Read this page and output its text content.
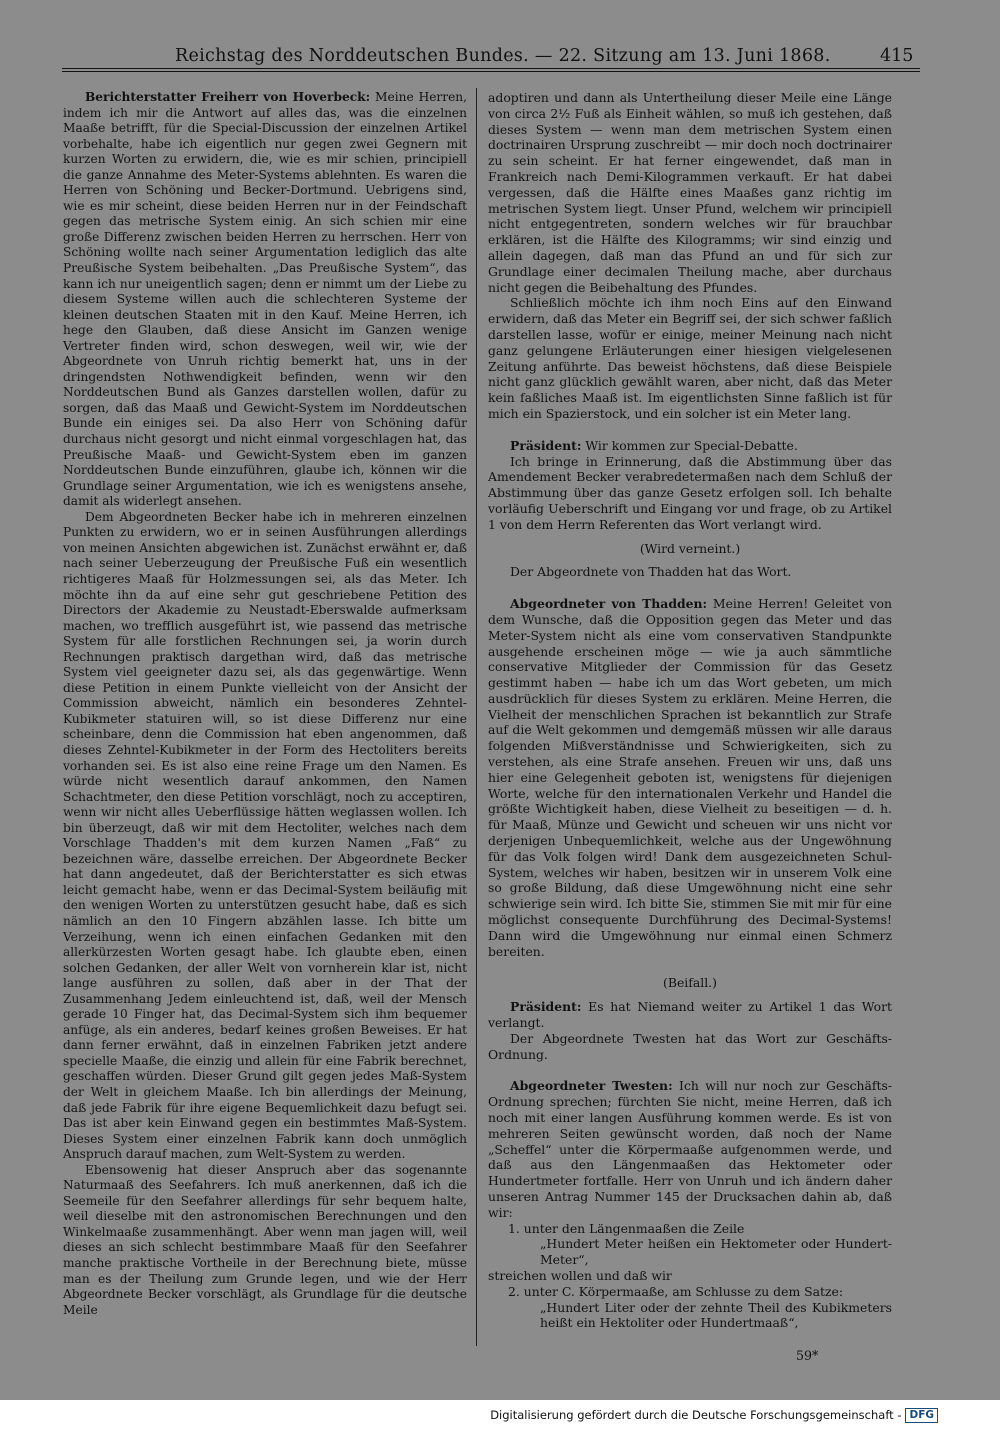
Reichstag des Norddeutschen Bundes. — 22. Sitzung am 13. Juni 1868.	415

Berichterstatter Freiherr von Hoverbeck: Meine Herren, indem ich mir die Antwort auf alles das, was die einzelnen Maaße betrifft, für die Special-Discussion der einzelnen Artikel vorbehalte, habe ich eigentlich nur gegen zwei Gegnern mit kurzen Worten zu erwidern, die, wie es mir schien, principiell die ganze Annahme des Meter-Systems ablehnten. Es waren die Herren von Schöning und Becker-Dortmund. Uebrigens sind, wie es mir scheint, diese beiden Herren nur in der Feindschaft gegen das metrische System einig. An sich schien mir eine große Differenz zwischen beiden Herren zu herrschen. Herr von Schöning wollte nach seiner Argumentation lediglich das alte Preußische System beibehalten. „Das Preußische System“, das kann ich nur uneigentlich sagen; denn er nimmt um der Liebe zu diesem Systeme willen auch die schlechteren Systeme der kleinen deutschen Staaten mit in den Kauf. Meine Herren, ich hege den Glauben, daß diese Ansicht im Ganzen wenige Vertreter finden wird, schon deswegen, weil wir, wie der Abgeordnete von Unruh richtig bemerkt hat, uns in der dringendsten Nothwendigkeit befinden, wenn wir den Norddeutschen Bund als Ganzes darstellen wollen, dafür zu sorgen, daß das Maaß und Gewicht-System im Norddeutschen Bunde ein einiges sei. Da also Herr von Schöning dafür durchaus nicht gesorgt und nicht einmal vorgeschlagen hat, das Preußische Maaß- und Gewicht-System eben im ganzen Norddeutschen Bunde einzuführen, glaube ich, können wir die Grundlage seiner Argumentation, wie ich es wenigstens ansehe, damit als widerlegt ansehen.

Dem Abgeordneten Becker habe ich in mehreren einzelnen Punkten zu erwidern, wo er in seinen Ausführungen allerdings von meinen Ansichten abgewichen ist. Zunächst erwähnt er, daß nach seiner Ueberzeugung der Preußische Fuß ein wesentlich richtigeres Maaß für Holzmessungen sei, als das Meter. Ich möchte ihn da auf eine sehr gut geschriebene Petition des Directors der Akademie zu Neustadt-Eberswalde aufmerksam machen, wo trefflich ausgeführt ist, wie passend das metrische System für alle forstlichen Rechnungen sei, ja worin durch Rechnungen praktisch dargethan wird, daß das metrische System viel geeigneter dazu sei, als das gegenwärtige. Wenn diese Petition in einem Punkte vielleicht von der Ansicht der Commission abweicht, nämlich ein besonderes Zehntel-Kubikmeter statuiren will, so ist diese Differenz nur eine scheinbare, denn die Commission hat eben angenommen, daß dieses Zehntel-Kubikmeter in der Form des Hectoliters bereits vorhanden sei. Es ist also eine reine Frage um den Namen. Es würde nicht wesentlich darauf ankommen, den Namen Schachtmeter, den diese Petition vorschlägt, noch zu acceptiren, wenn wir nicht alles Ueberflüssige hätten weglassen wollen. Ich bin überzeugt, daß wir mit dem Hectoliter, welches nach dem Vorschlage Thadden's mit dem kurzen Namen „Faß“ zu bezeichnen wäre, dasselbe erreichen. Der Abgeordnete Becker hat dann angedeutet, daß der Berichterstatter es sich etwas leicht gemacht habe, wenn er das Decimal-System beiläufig mit den wenigen Worten zu unterstützen gesucht habe, daß es sich nämlich an den 10 Fingern abzählen lasse. Ich bitte um Verzeihung, wenn ich einen einfachen Gedanken mit den allerkürzesten Worten gesagt habe. Ich glaubte eben, einen solchen Gedanken, der aller Welt von vornherein klar ist, nicht lange ausführen zu sollen, daß aber in der That der Zusammenhang Jedem einleuchtend ist, daß, weil der Mensch gerade 10 Finger hat, das Decimal-System sich ihm bequemer anfüge, als ein anderes, bedarf keines großen Beweises. Er hat dann ferner erwähnt, daß in einzelnen Fabriken jetzt andere specielle Maaße, die einzig und allein für eine Fabrik berechnet, geschaffen würden. Dieser Grund gilt gegen jedes Maß-System der Welt in gleichem Maaße. Ich bin allerdings der Meinung, daß jede Fabrik für ihre eigene Bequemlichkeit dazu befugt sei. Das ist aber kein Einwand gegen ein bestimmtes Maß-System. Dieses System einer einzelnen Fabrik kann doch unmöglich Anspruch darauf machen, zum Welt-System zu werden.

Ebensowenig hat dieser Anspruch aber das sogenannte Naturmaaß des Seefahrers. Ich muß anerkennen, daß ich die Seemeile für den Seefahrer allerdings für sehr bequem halte, weil dieselbe mit den astronomischen Berechnungen und den Winkelmaaße zusammenhängt. Aber wenn man jagen will, weil dieses an sich schlecht bestimmbare Maaß für den Seefahrer manche praktische Vortheile in der Berechnung biete, müsse man es der Theilung zum Grunde legen, und wie der Herr Abgeordnete Becker vorschlägt, als Grundlage für die deutsche Meile

adoptiren und dann als Untertheilung dieser Meile eine Länge von circa 2½ Fuß als Einheit wählen, so muß ich gestehen, daß dieses System — wenn man dem metrischen System einen doctrinairen Ursprung zuschreibt — mir doch noch doctrinairer zu sein scheint. Er hat ferner eingewendet, daß man in Frankreich nach Demi-Kilogrammen verkauft. Er hat dabei vergessen, daß die Hälfte eines Maaßes ganz richtig im metrischen System liegt. Unser Pfund, welchem wir principiell nicht entgegentreten, sondern welches wir für brauchbar erklären, ist die Hälfte des Kilogramms; wir sind einzig und allein dagegen, daß man das Pfund an und für sich zur Grundlage einer decimalen Theilung mache, aber durchaus nicht gegen die Beibehaltung des Pfundes.

Schließlich möchte ich ihm noch Eins auf den Einwand erwidern, daß das Meter ein Begriff sei, der sich schwer faßlich darstellen lasse, wofür er einige, meiner Meinung nach nicht ganz gelungene Erläuterungen einer hiesigen vielgelesenen Zeitung anführte. Das beweist höchstens, daß diese Beispiele nicht ganz glücklich gewählt waren, aber nicht, daß das Meter kein faßliches Maaß ist. Im eigentlichsten Sinne faßlich ist für mich ein Spazierstock, und ein solcher ist ein Meter lang.

Präsident: Wir kommen zur Special-Debatte.

Ich bringe in Erinnerung, daß die Abstimmung über das Amendement Becker verabredetermaßen nach dem Schluß der Abstimmung über das ganze Gesetz erfolgen soll. Ich behalte vorläufig Ueberschrift und Eingang vor und frage, ob zu Artikel 1 von dem Herrn Referenten das Wort verlangt wird.

(Wird verneint.)

Der Abgeordnete von Thadden hat das Wort.

Abgeordneter von Thadden: Meine Herren! Geleitet von dem Wunsche, daß die Opposition gegen das Meter und das Meter-System nicht als eine vom conservativen Standpunkte ausgehende erscheinen möge — wie ja auch sämmtliche conservative Mitglieder der Commission für das Gesetz gestimmt haben — habe ich um das Wort gebeten, um mich ausdrücklich für dieses System zu erklären. Meine Herren, die Vielheit der menschlichen Sprachen ist bekanntlich zur Strafe auf die Welt gekommen und demgemäß müssen wir alle daraus folgenden Mißverständnisse und Schwierigkeiten, sich zu verstehen, als eine Strafe ansehen. Freuen wir uns, daß uns hier eine Gelegenheit geboten ist, wenigstens für diejenigen Worte, welche für den internationalen Verkehr und Handel die größte Wichtigkeit haben, diese Vielheit zu beseitigen — d. h. für Maaß, Münze und Gewicht und scheuen wir uns nicht vor derjenigen Unbequemlichkeit, welche aus der Ungewöhnung für das Volk folgen wird! Dank dem ausgezeichneten Schul-System, welches wir haben, besitzen wir in unserem Volk eine so große Bildung, daß diese Umgewöhnung nicht eine sehr schwierige sein wird. Ich bitte Sie, stimmen Sie mit mir für eine möglichst consequente Durchführung des Decimal-Systems! Dann wird die Umgewöhnung nur einmal einen Schmerz bereiten.

(Beifall.)

Präsident: Es hat Niemand weiter zu Artikel 1 das Wort verlangt.

Der Abgeordnete Twesten hat das Wort zur Geschäfts-Ordnung.

Abgeordneter Twesten: Ich will nur noch zur Geschäfts-Ordnung sprechen; fürchten Sie nicht, meine Herren, daß ich noch mit einer langen Ausführung kommen werde. Es ist von mehreren Seiten gewünscht worden, daß noch der Name „Scheffel“ unter die Körpermaaße aufgenommen werde, und daß aus den Längenmaaßen das Hektometer oder Hundertmeter fortfalle. Herr von Unruh und ich ändern daher unseren Antrag Nummer 145 der Drucksachen dahin ab, daß wir:

1. unter den Längenmaaßen die Zeile

„Hundert Meter heißen ein Hektometer oder Hundert-Meter“,

streichen wollen und daß wir

2. unter C. Körpermaaße, am Schlusse zu dem Satze:

„Hundert Liter oder der zehnte Theil des Kubikmeters heißt ein Hektoliter oder Hundertmaaß“,

59*
Digitalisierung gefördert durch die Deutsche Forschungsgemeinschaft - DFG
